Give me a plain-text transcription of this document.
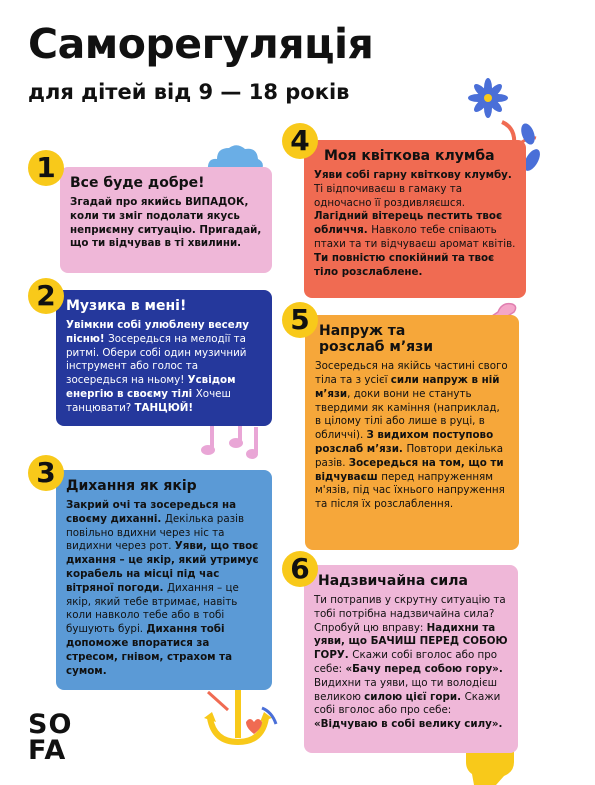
Саморегуляція
для дітей від 9 — 18 років
SO
FA
Все буде добре!
Згадай про якийсь ВИПАДОК, коли ти зміг подолати якусь неприємну ситуацію. Пригадай, що ти відчував в ті хвилини.
1
Музика в мені!
Увімкни собі улюблену веселу пісню! Зосередься на мелодії та ритмі. Обери собі один музичний інструмент або голос та зосередься на ньому! Усвідом енергію в своєму тілі Хочеш танцювати? ТАНЦЮЙ!
2
Дихання як якір
Закрий очі та зосередься на своєму диханні. Декілька разів повільно вдихни через ніс та видихни через рот. Уяви, що твоє дихання – це якір, який утримує корабель на місці під час вітряної погоди. Дихання – це якір, який тебе втримає, навіть коли навколо тебе або в тобі бушують бурі. Дихання тобі допоможе впоратися за стресом, гнівом, страхом та сумом.
3
Моя квіткова клумба
Уяви собі гарну квіткову клумбу. Ті відпочиваєш в гамаку та одночасно її роздивляєшся. Лагідний вітерець пестить твоє обличчя. Навколо тебе співають птахи та ти відчуваєш аромат квітів. Ти повністю спокійний та твоє тіло розслаблене.
4
Напруж та розслаб м’язи
Зосередься на якійсь частині свого тіла та з усієї сили напруж в ній м’язи, доки вони не стануть твердими як каміння (наприклад, в цілому тілі або лише в руці, в обличчі). З видихом поступово розслаб м’язи. Повтори декілька разів. Зосередься на том, що ти відчуваєш перед напруженням м'язів, під час їхнього напруження та після їх розслаблення.
5
Надзвичайна сила
Ти потрапив у скрутну ситуацію та тобі потрібна надзвичайна сила? Спробуй цю вправу: Надихни та уяви, що БАЧИШ ПЕРЕД СОБОЮ ГОРУ. Скажи собі вголос або про себе: «Бачу перед собою гору». Видихни та уяви, що ти володієш великою силою цієї гори. Скажи собі вголос або про себе: «Відчуваю в собі велику силу».
6
